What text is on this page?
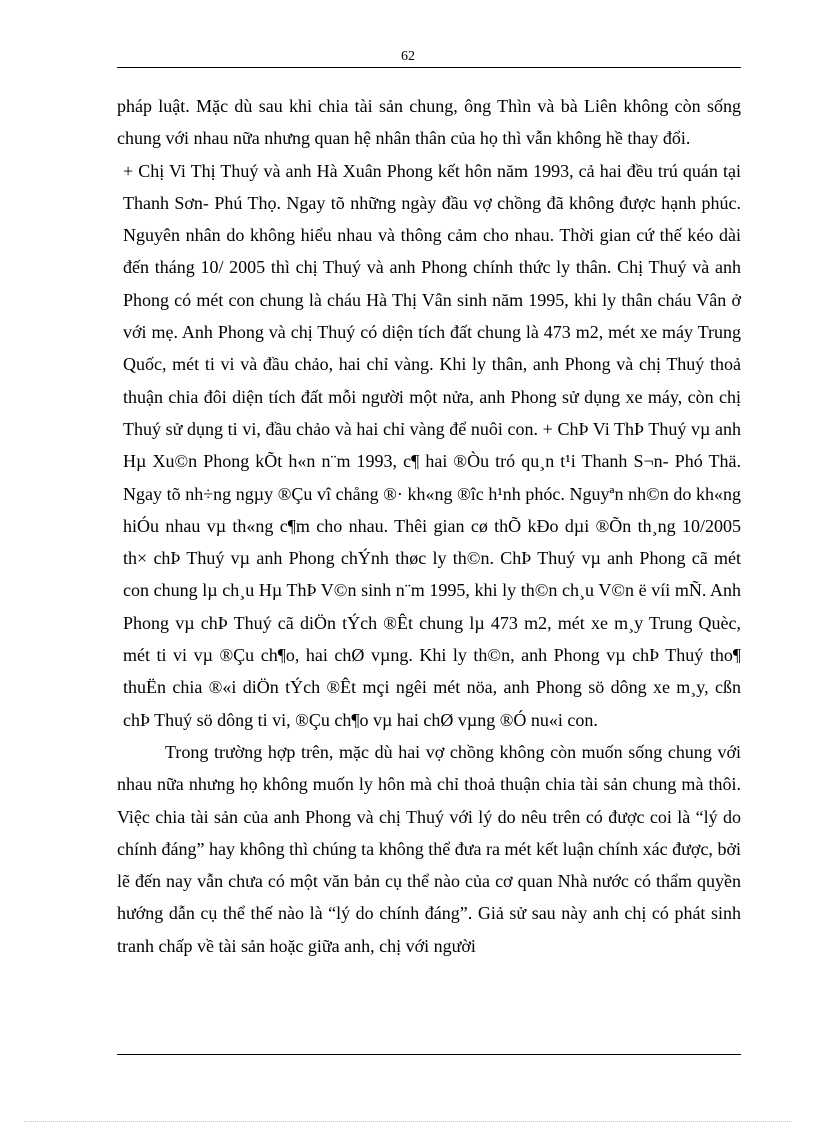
62

pháp luật. Mặc dù sau khi chia tài sản chung, ông Thìn và bà Liên không còn sống chung với nhau nữa nhưng quan hệ nhân thân của họ thì vẫn không hề thay đổi.

+ Chị Vi Thị Thuý và anh Hà Xuân Phong kết hôn năm 1993, cả hai đều trú quán tại Thanh Sơn- Phú Thọ. Ngay tõ những ngày đầu vợ chồng đã không được hạnh phúc. Nguyên nhân do không hiểu nhau và thông cảm cho nhau. Thời gian cứ thế kéo dài đến tháng 10/ 2005 thì chị Thuý và anh Phong chính thức ly thân. Chị Thuý và anh Phong có mét con chung là cháu Hà Thị Vân sinh năm 1995, khi ly thân cháu Vân ở với mẹ. Anh Phong và chị Thuý có diện tích đất chung là 473 m2, mét xe máy Trung Quốc, mét ti vi và đầu chảo, hai chỉ vàng. Khi ly thân, anh Phong và chị Thuý thoả thuận chia đôi diện tích đất mỗi người một nửa, anh Phong sử dụng xe máy, còn chị Thuý sử dụng ti vi, đầu chảo và hai chỉ vàng để nuôi con. + ChÞ Vi ThÞ Thuý vµ anh Hµ Xu©n Phong kÕt h«n n¨m 1993, c¶ hai ®Òu tró qu¸n t¹i Thanh S¬n- Phó Thä. Ngay tõ nh÷ng ngµy ®Çu vî chång ®· kh«ng ®îc h¹nh phóc. Nguyªn nh©n do kh«ng hiÓu nhau vµ th«ng c¶m cho nhau. Thêi gian cø thÕ kÐo dµi ®Õn th¸ng 10/2005 th× chÞ Thuý vµ anh Phong chÝnh thøc ly th©n. ChÞ Thuý vµ anh Phong cã mét con chung lµ ch¸u Hµ ThÞ V©n sinh n¨m 1995, khi ly th©n ch¸u V©n ë víi mÑ. Anh Phong vµ chÞ Thuý cã diÖn tÝch ®Êt chung lµ 473 m2, mét xe m¸y Trung Quèc, mét ti vi vµ ®Çu ch¶o, hai chØ vµng. Khi ly th©n, anh Phong vµ chÞ Thuý tho¶ thuËn chia ®«i diÖn tÝch ®Êt mçi ngêi mét nöa, anh Phong sö dông xe m¸y, cßn chÞ Thuý sö dông ti vi, ®Çu ch¶o vµ hai chØ vµng ®Ó nu«i con.

Trong trường hợp trên, mặc dù hai vợ chồng không còn muốn sống chung với nhau nữa nhưng họ không muốn ly hôn mà chỉ thoả thuận chia tài sản chung mà thôi. Việc chia tài sản của anh Phong và chị Thuý với lý do nêu trên có được coi là “lý do chính đáng” hay không thì chúng ta không thể đưa ra mét kết luận chính xác được, bởi lẽ đến nay vẫn chưa có một văn bản cụ thể nào của cơ quan Nhà nước có thẩm quyền hướng dẫn cụ thể thế nào là “lý do chính đáng”. Giả sử sau này anh chị có phát sinh tranh chấp về tài sản hoặc giữa anh, chị với người
